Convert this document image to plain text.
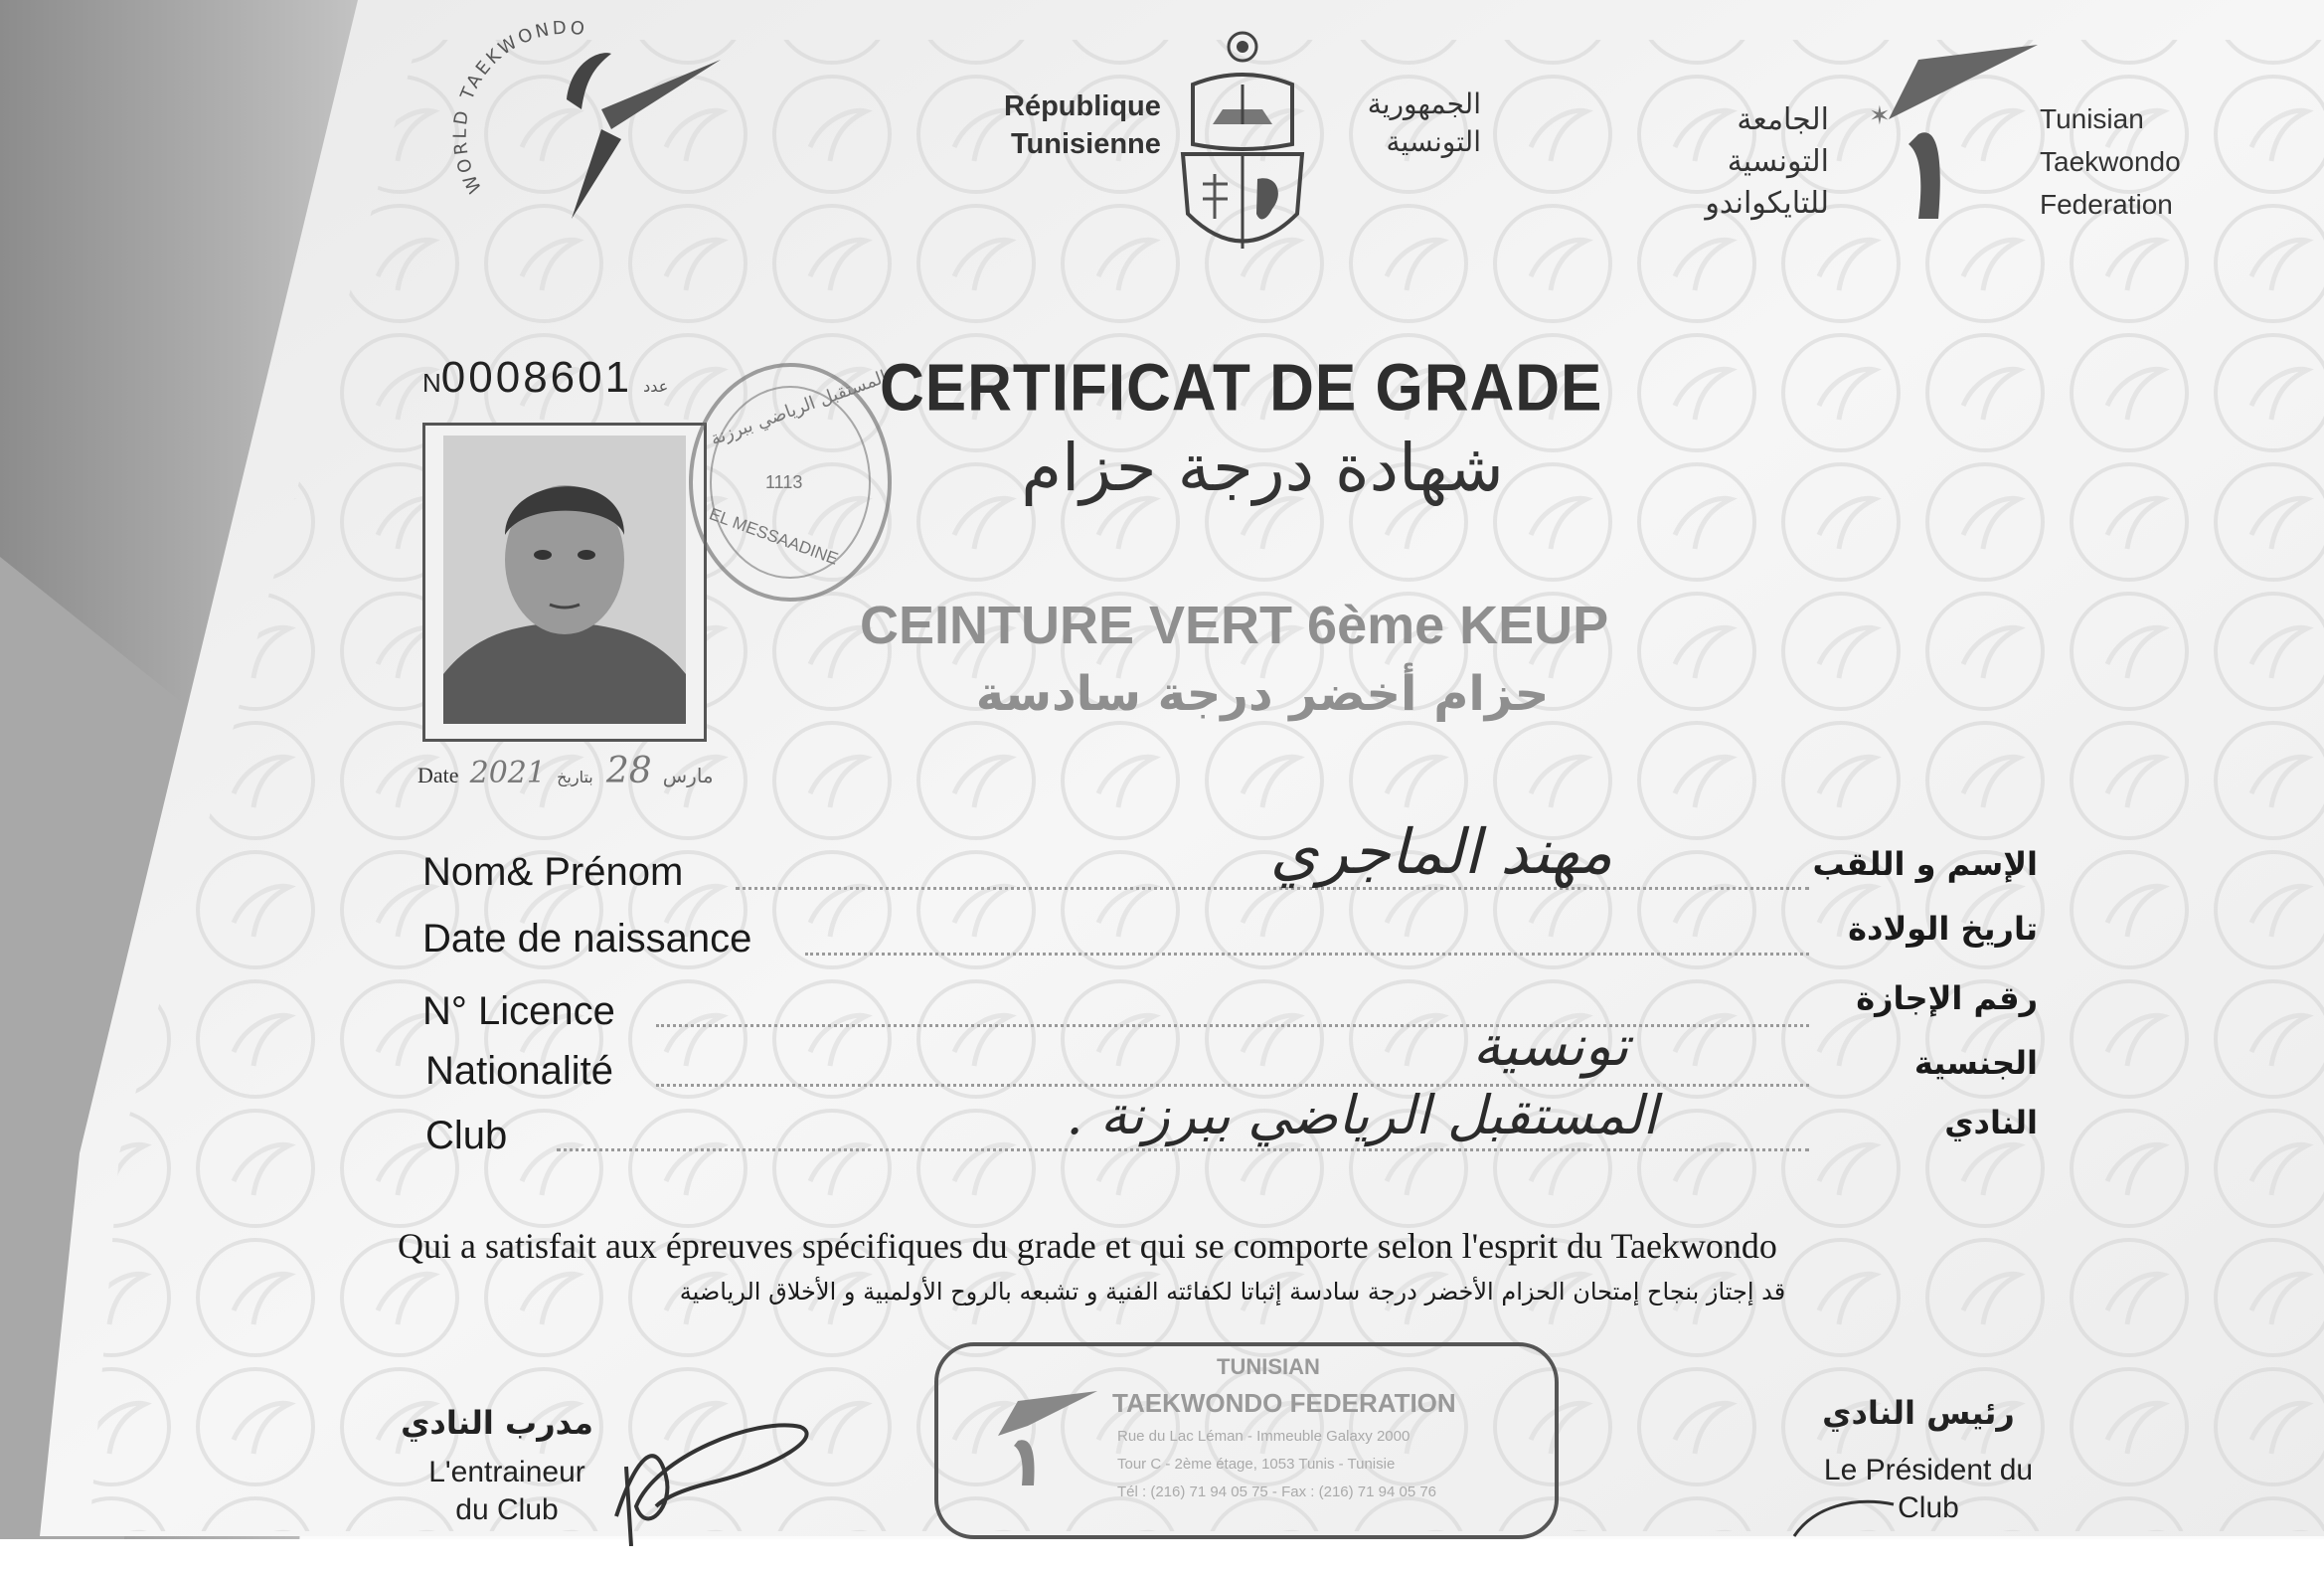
WO D TAEKWONDO
République
Tunisienne
الجمهورية
التونسية
الجامعة
التونسية
للتايكواندو
✶	Tunisian
Taekwondo
Federation
N0008601 عدد المستقبل الرياضي ببرزنة
1113
EL MESSAADINE
CERTIFICAT DE GRADE
شهادة درجة حزام
CEINTURE VERT 6ème KEUP
حزام أخضر درجة سادسة
Date 2021	مارس 28 بتاريخ
Nom& Prénom	مهند الماجري	الإسم و اللقب
Date de naissance	تاريخ الولادة
N° Licence	رقم الإجازة
Nationalité	تونسية	الجنسية
Club	المستقبل الرياضي ببرزنة .	النادي
Qui a satisfait aux épreuves spécifiques du grade et qui se comporte selon l'esprit du Taekwondo
قد إجتاز بنجاح إمتحان الحزام الأخضر درجة سادسة إثباتا لكفائته الفنية و تشبعه بالروح الأولمبية و الأخلاق الرياضية
TUNISIAN
TAEKWONDO FEDERATION
Rue du Lac Léman - Immeuble Galaxy 2000
Tour C - 2ème étage, 1053 Tunis - Tunisie
Tél : (216) 71 94 05 75 - Fax : (216) 71 94 05 76
مدرب النادي
L'entraineur
du Club
رئيس النادي
Le Président du
Club
